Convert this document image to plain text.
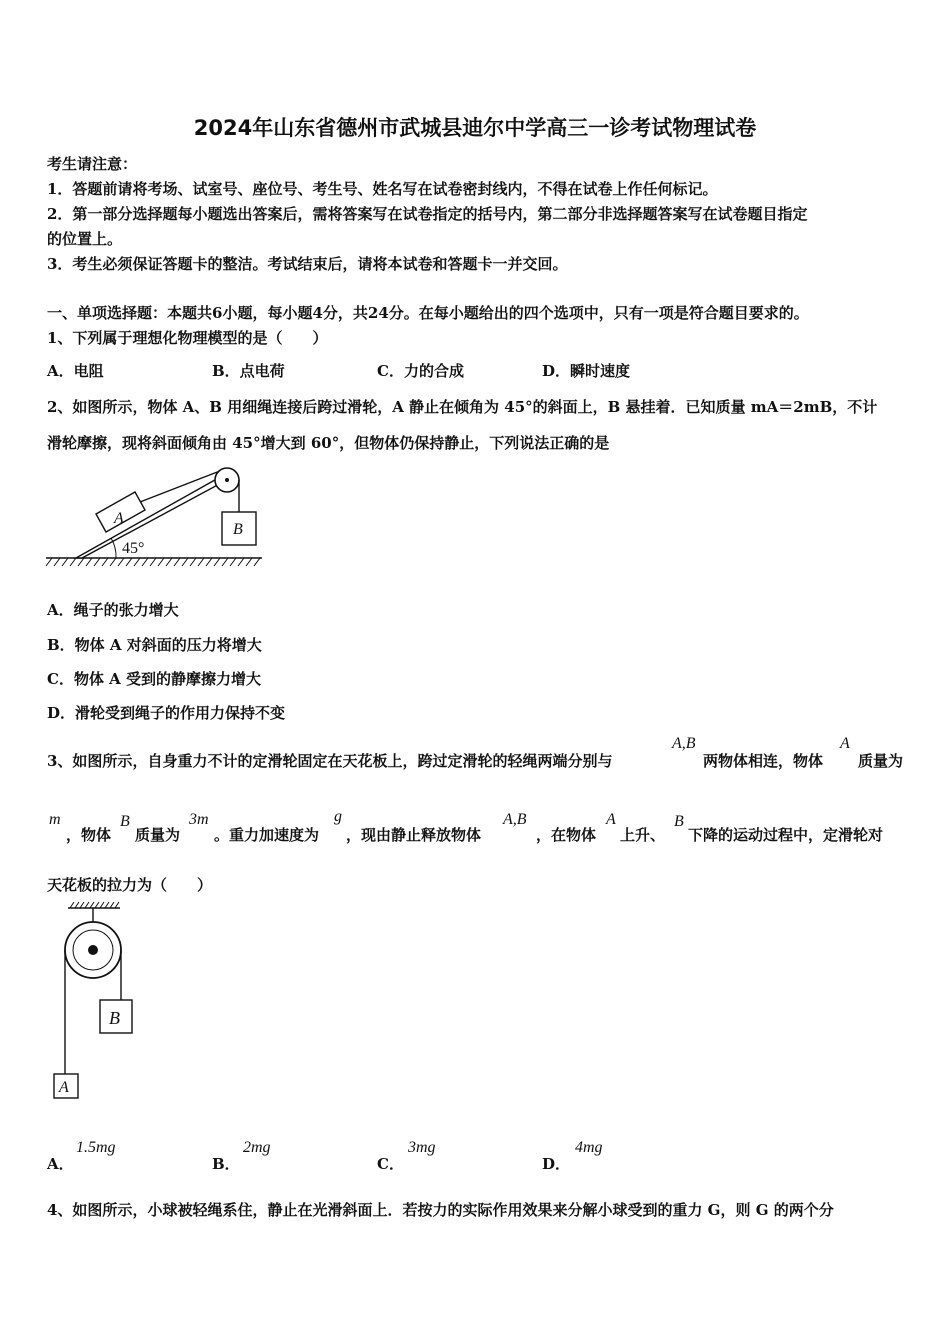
2024年山东省德州市武城县迪尔中学高三一诊考试物理试卷
考生请注意：
1．答题前请将考场、试室号、座位号、考生号、姓名写在试卷密封线内，不得在试卷上作任何标记。
2．第一部分选择题每小题选出答案后，需将答案写在试卷指定的括号内，第二部分非选择题答案写在试卷题目指定
的位置上。
3．考生必须保证答题卡的整洁。考试结束后，请将本试卷和答题卡一并交回。
一、单项选择题：本题共6小题，每小题4分，共24分。在每小题给出的四个选项中，只有一项是符合题目要求的。
1、下列属于理想化物理模型的是（　　）
A．电阻	B．点电荷	C．力的合成	D．瞬时速度
2、如图所示，物体 A、B 用细绳连接后跨过滑轮，A 静止在倾角为 45°的斜面上，B 悬挂着．已知质量 mA＝2mB，不计
滑轮摩擦，现将斜面倾角由 45°增大到 60°，但物体仍保持静止，下列说法正确的是
45°
A
B
A．绳子的张力增大
B．物体 A 对斜面的压力将增大
C．物体 A 受到的静摩擦力增大
D．滑轮受到绳子的作用力保持不变
3、如图所示，自身重力不计的定滑轮固定在天花板上，跨过定滑轮的轻绳两端分别与
A,B
两物体相连，物体
A
质量为
m
，物体
B
质量为
3m
。重力加速度为
g
，现由静止释放物体
A,B
，在物体
A
上升、
B
下降的运动过程中，定滑轮对
天花板的拉力为（　　）
B
A
A．
1.5mg
B．
2mg
C．
3mg
D．
4mg
4、如图所示，小球被轻绳系住，静止在光滑斜面上．若按力的实际作用效果来分解小球受到的重力 G，则 G 的两个分
